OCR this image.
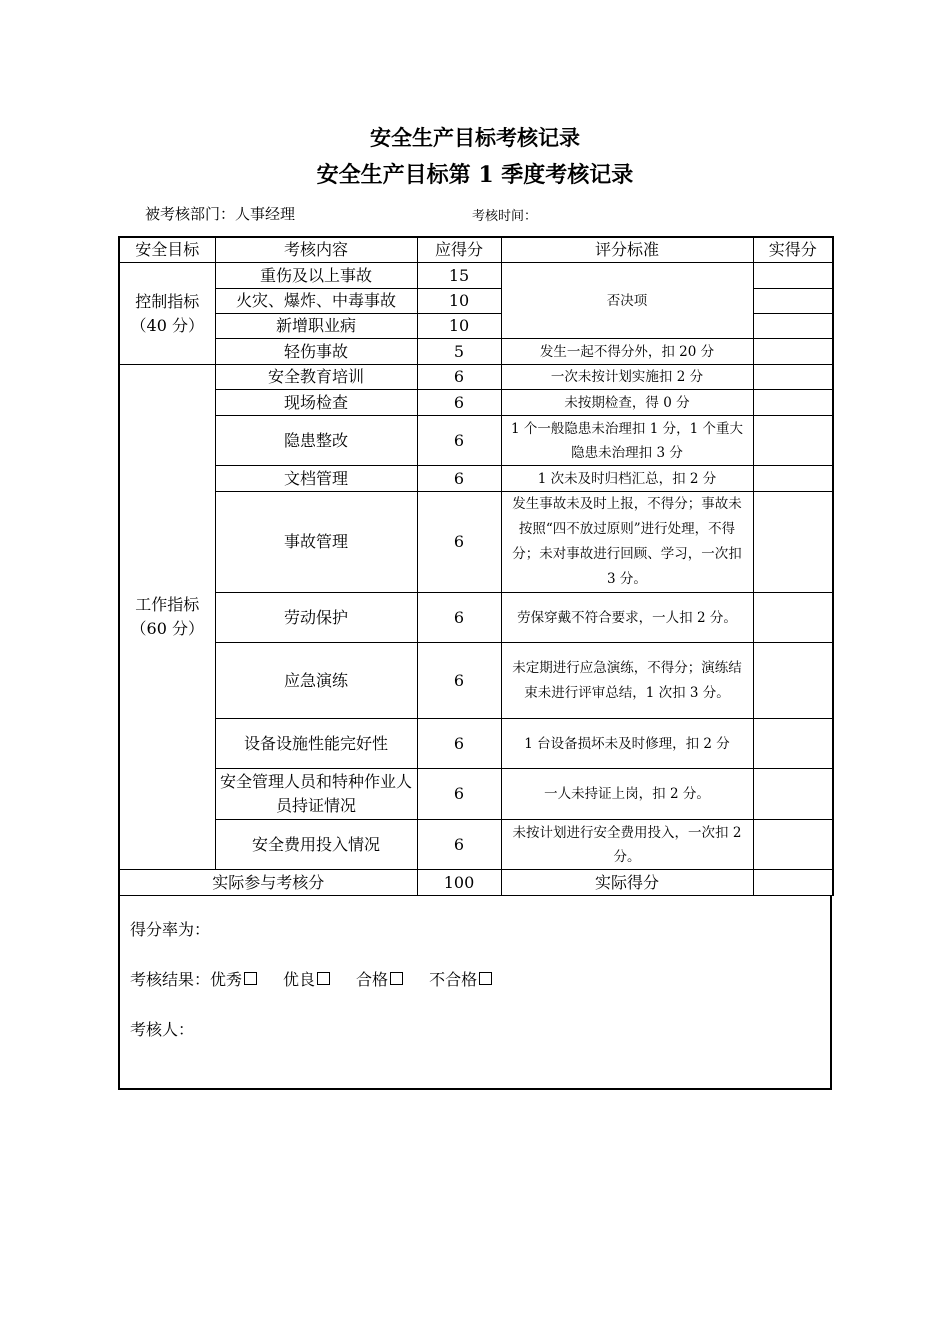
安全生产目标考核记录
安全生产目标第 1 季度考核记录
被考核部门：人事经理	考核时间：
安全目标	考核内容	应得分	评分标准	实得分

控制指标
（40 分）	重伤及以上事故	15	否决项	
	火灾、爆炸、中毒事故	10		
	新增职业病	10		
	轻伤事故	5	发生一起不得分外，扣 20 分	

工作指标
（60 分）	安全教育培训	6	一次未按计划实施扣 2 分	
	现场检查	6	未按期检查，得 0 分	
	隐患整改	6	1 个一般隐患未治理扣 1 分，1 个重大隐患未治理扣 3 分	
	文档管理	6	1 次未及时归档汇总，扣 2 分	
	事故管理	6	发生事故未及时上报，不得分；事故未按照“四不放过原则”进行处理，不得分；未对事故进行回顾、学习，一次扣 3 分。	
	劳动保护	6	劳保穿戴不符合要求，一人扣 2 分。	
	应急演练	6	未定期进行应急演练，不得分；演练结束未进行评审总结，1 次扣 3 分。	
	设备设施性能完好性	6	1 台设备损坏未及时修理，扣 2 分	
	安全管理人员和特种作业人员持证情况	6	一人未持证上岗，扣 2 分。	
	安全费用投入情况	6	未按计划进行安全费用投入，一次扣 2 分。	
实际参与考核分		100	实际得分	
得分率为：
考核结果：优秀	优良	合格	不合格
考核人：
